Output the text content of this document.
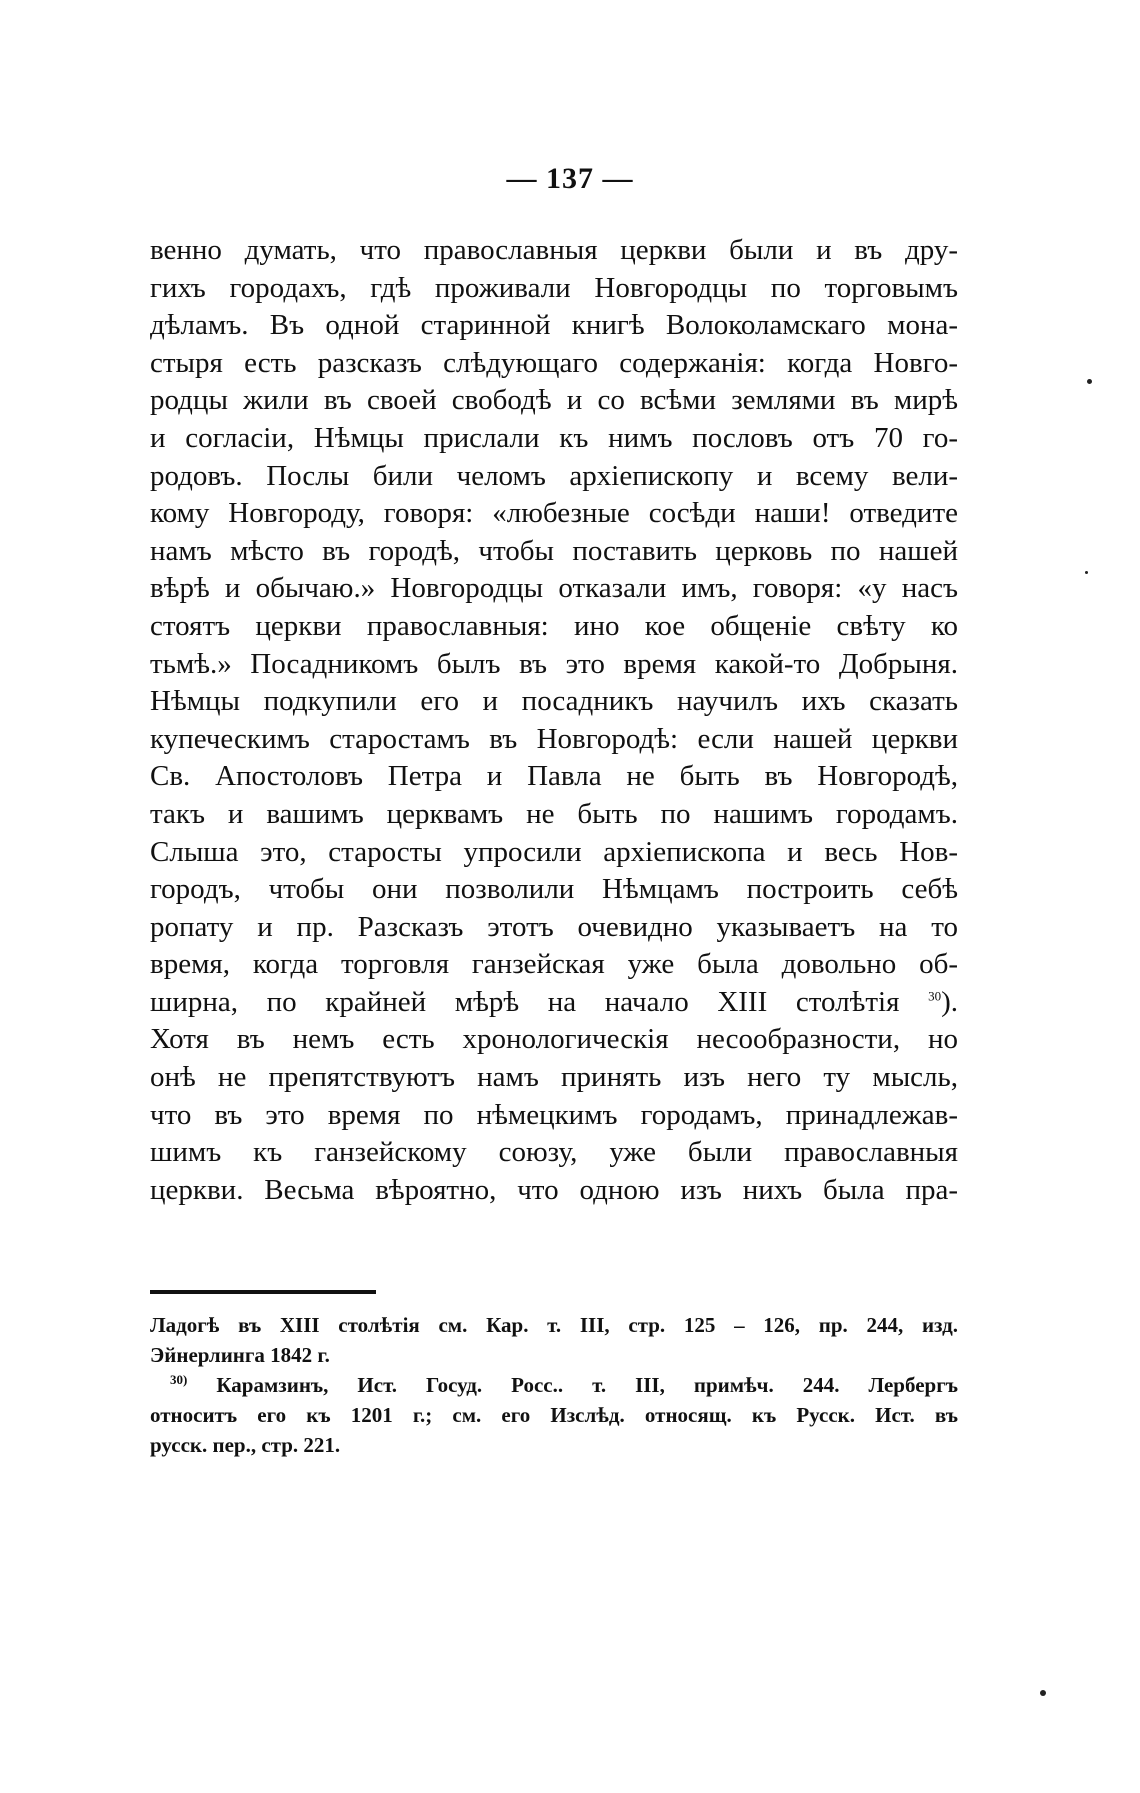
— 137 —
венно думать, что православныя церкви были и въ дру-
гихъ городахъ, гдѣ проживали Новгородцы по торговымъ
дѣламъ. Въ одной старинной книгѣ Волоколамскаго мона-
стыря есть разсказъ слѣдующаго содержанія: когда Новго-
родцы жили въ своей свободѣ и со всѣми землями въ мирѣ
и согласіи, Нѣмцы прислали къ нимъ пословъ отъ 70 го-
родовъ. Послы били челомъ архіепископу и всему вели-
кому Новгороду, говоря: «любезные сосѣди наши! отведите
намъ мѣсто въ городѣ, чтобы поставить церковь по нашей
вѣрѣ и обычаю.» Новгородцы отказали имъ, говоря: «у насъ
стоятъ церкви православныя: ино кое общеніе свѣту ко
тьмѣ.» Посадникомъ былъ въ это время какой-то Добрыня.
Нѣмцы подкупили его и посадникъ научилъ ихъ сказать
купеческимъ старостамъ въ Новгородѣ: если нашей церкви
Св. Апостоловъ Петра и Павла не быть въ Новгородѣ,
такъ и вашимъ церквамъ не быть по нашимъ городамъ.
Слыша это, старосты упросили архіепископа и весь Нов-
городъ, чтобы они позволили Нѣмцамъ построить себѣ
ропату и пр. Разсказъ этотъ очевидно указываетъ на то
время, когда торговля ганзейская уже была довольно об-
ширна, по крайней мѣрѣ на начало XIII столѣтія $^{30}$).
Хотя въ немъ есть хронологическія несообразности, но
онѣ не препятствуютъ намъ принять изъ него ту мысль,
что въ это время по нѣмецкимъ городамъ, принадлежав-
шимъ къ ганзейскому союзу, уже были православныя
церкви. Весьма вѣроятно, что одною изъ нихъ была пра-
Ладогѣ въ XIII столѣтія см. Кар. т. III, стр. 125 – 126, пр. 244, изд.
Эйнерлинга 1842 г.
$^{30)}$ Карамзинъ, Ист. Госуд. Росс.. т. III, примѣч. 244. Лербергъ
относитъ его къ 1201 г.; см. его Изслѣд. относящ. къ Русск. Ист. въ
русск. пер., стр. 221.
